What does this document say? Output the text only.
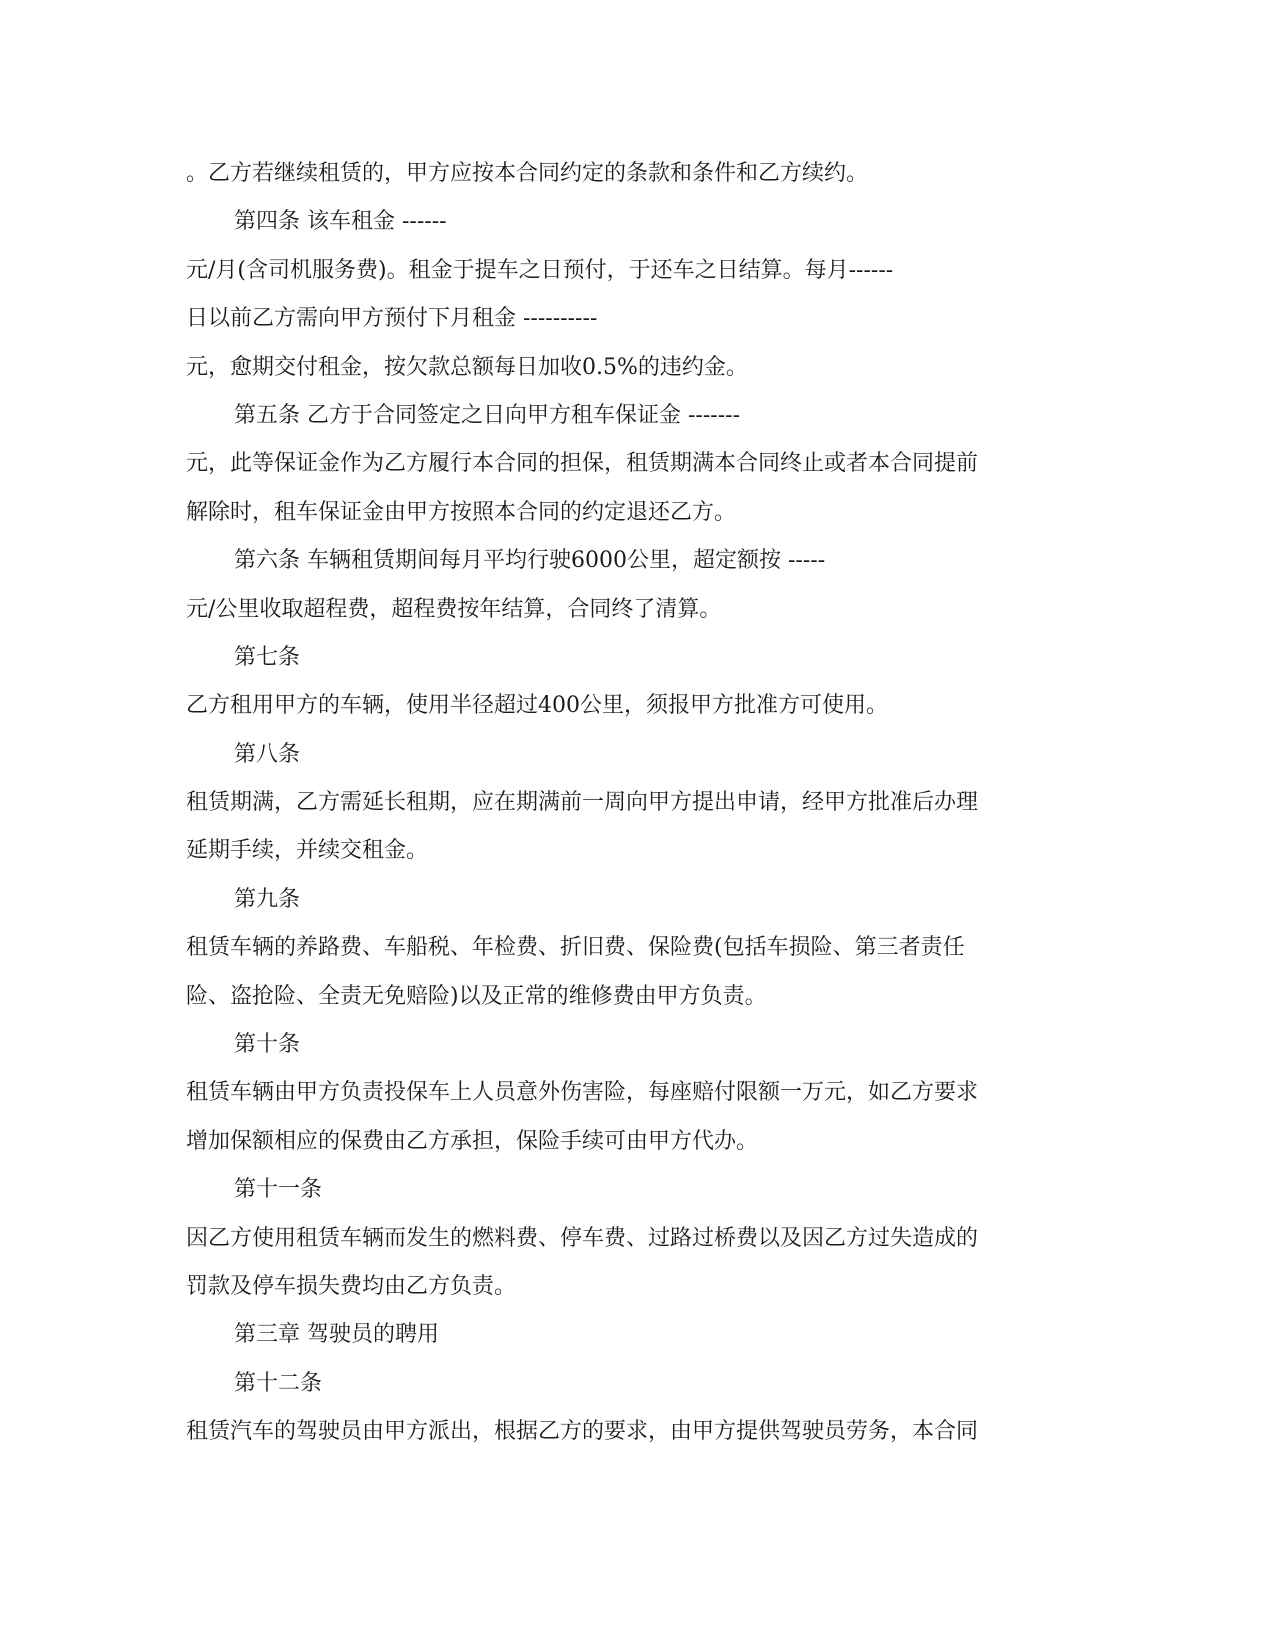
。乙方若继续租赁的，甲方应按本合同约定的条款和条件和乙方续约。
第四条 该车租金 ------
元/月(含司机服务费)。租金于提车之日预付，于还车之日结算。每月------
日以前乙方需向甲方预付下月租金 ----------
元，愈期交付租金，按欠款总额每日加收0.5%的违约金。
第五条 乙方于合同签定之日向甲方租车保证金 -------
元，此等保证金作为乙方履行本合同的担保，租赁期满本合同终止或者本合同提前
解除时，租车保证金由甲方按照本合同的约定退还乙方。
第六条 车辆租赁期间每月平均行驶6000公里，超定额按 -----
元/公里收取超程费，超程费按年结算，合同终了清算。
第七条
乙方租用甲方的车辆，使用半径超过400公里，须报甲方批准方可使用。
第八条
租赁期满，乙方需延长租期，应在期满前一周向甲方提出申请，经甲方批准后办理
延期手续，并续交租金。
第九条
租赁车辆的养路费、车船税、年检费、折旧费、保险费(包括车损险、第三者责任
险、盗抢险、全责无免赔险)以及正常的维修费由甲方负责。
第十条
租赁车辆由甲方负责投保车上人员意外伤害险，每座赔付限额一万元，如乙方要求
增加保额相应的保费由乙方承担，保险手续可由甲方代办。
第十一条
因乙方使用租赁车辆而发生的燃料费、停车费、过路过桥费以及因乙方过失造成的
罚款及停车损失费均由乙方负责。
第三章 驾驶员的聘用
第十二条
租赁汽车的驾驶员由甲方派出，根据乙方的要求，由甲方提供驾驶员劳务，本合同
